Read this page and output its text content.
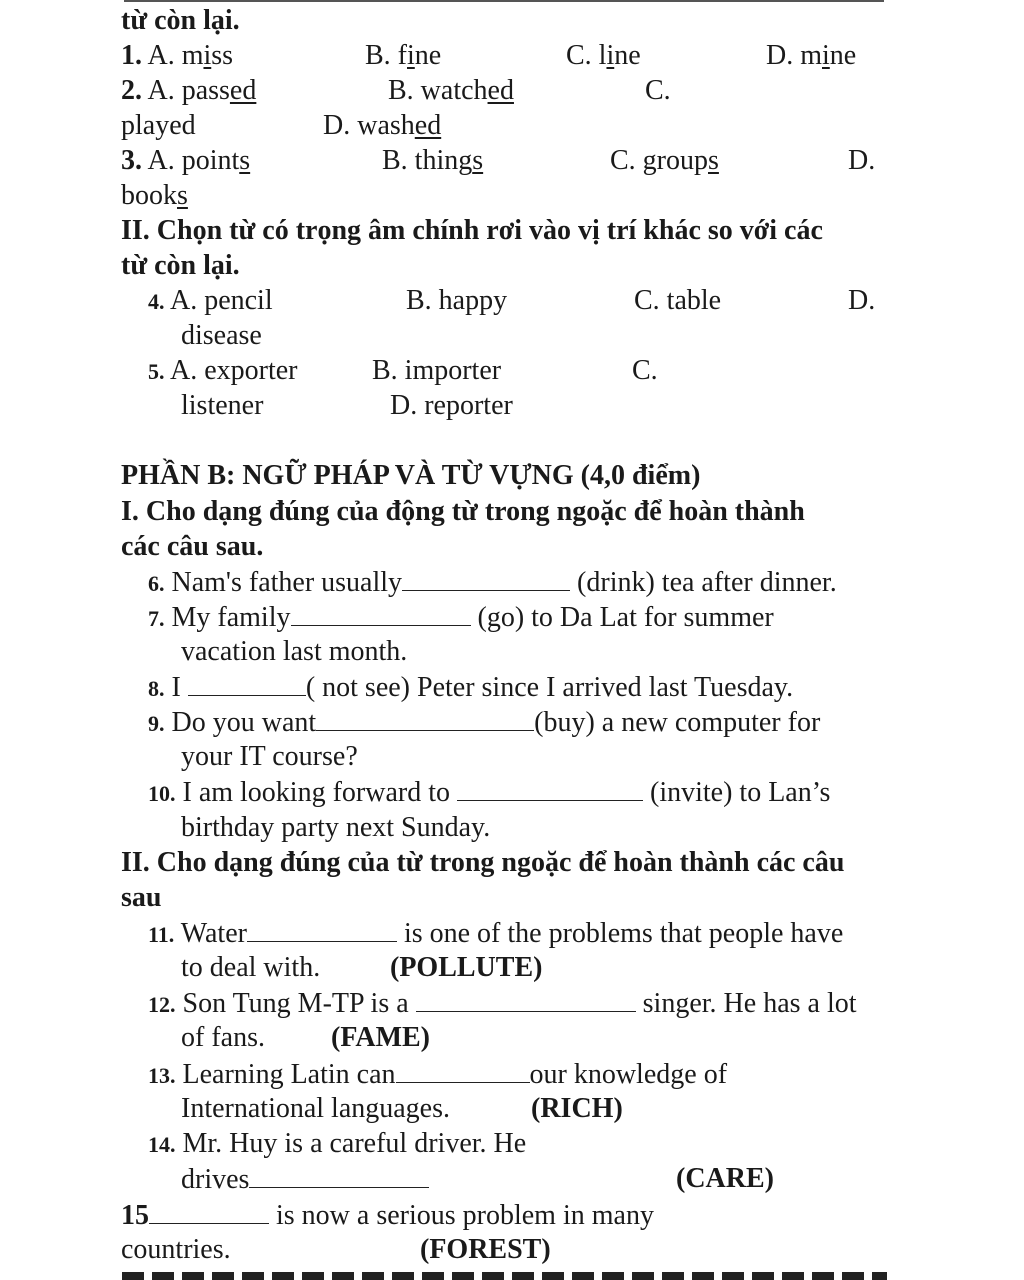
từ còn lại.
1. A. miss	B. fine	C. line	D. mine
2. A. passed	B. watched	C.
played	D. washed
3. A. points	B. things	C. groups	D.
books
II. Chọn từ có trọng âm chính rơi vào vị trí khác so với các
từ còn lại.
4. A. pencil	B. happy	C. table	D.
disease
5. A. exporter	B. importer	C.
listener	D. reporter
PHẦN B: NGỮ PHÁP VÀ TỪ VỰNG (4,0 điểm)
I. Cho dạng đúng của động từ trong ngoặc để hoàn thành
các câu sau.
6. Nam's father usually	(drink) tea after dinner.
7. My family	(go) to Da Lat for summer
vacation last month.
8. I	( not see) Peter since I arrived last Tuesday.
9. Do you want	(buy) a new computer for
your IT course?
10. I am looking forward to	(invite) to Lan’s
birthday party next Sunday.
II. Cho dạng đúng của từ trong ngoặc để hoàn thành các câu
sau
11. Water	is one of the problems that people have
to deal with. (POLLUTE)
12. Son Tung M-TP is a	singer. He has a lot
of fans. (FAME)
13. Learning Latin can	our knowledge of
International languages.	(RICH)
14. Mr. Huy is a careful driver. He
drives	(CARE)
15	is now a serious problem in many
countries.	(FOREST)
